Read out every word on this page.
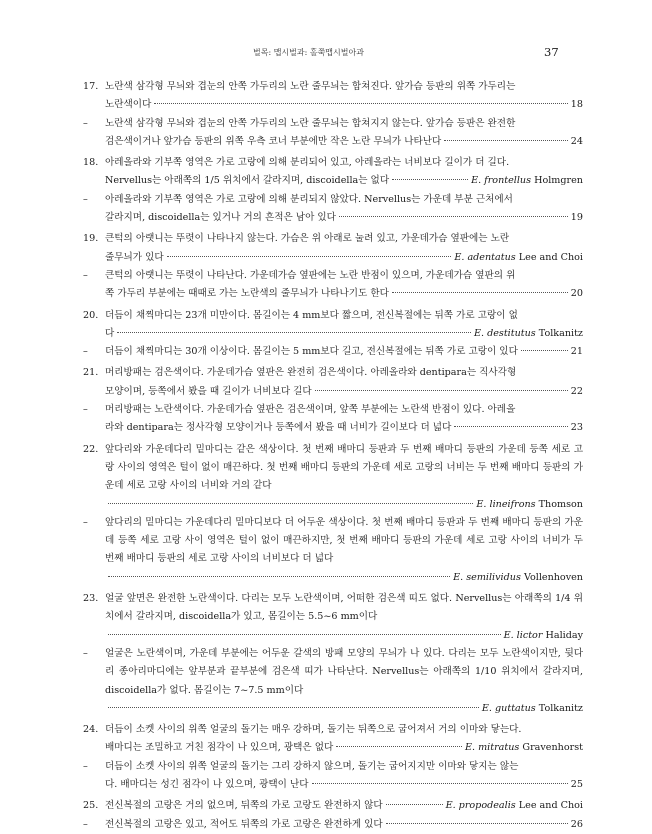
벌목: 맵시벌과: 홀쭉맵시벌아과	37
17. 노란색 삼각형 무늬와 겹눈의 안쪽 가두리의 노란 줄무늬는 합쳐진다. 앞가슴 등판의 위쪽 가두리는
노란색이다	18
– 노란색 삼각형 무늬와 겹눈의 안쪽 가두리의 노란 줄무늬는 합쳐지지 않는다. 앞가슴 등판은 완전한
검은색이거나 앞가슴 등판의 위쪽 우측 코너 부분에만 작은 노란 무늬가 나타난다	24
18. 아레올라와 기부쪽 영역은 가로 고랑에 의해 분리되어 있고, 아레올라는 너비보다 길이가 더 길다.
Nervellus는 아래쪽의 1/5 위치에서 갈라지며, discoidella는 없다	E. frontellus Holmgren
– 아레올라와 기부쪽 영역은 가로 고랑에 의해 분리되지 않았다. Nervellus는 가운데 부분 근처에서
갈라지며, discoidella는 있거나 거의 흔적은 남아 있다	19
19. 큰턱의 아랫니는 뚜렷이 나타나지 않는다. 가슴은 위 아래로 눌려 있고, 가운데가슴 옆판에는 노란
줄무늬가 있다	E. adentatus Lee and Choi
– 큰턱의 아랫니는 뚜렷이 나타난다. 가운데가슴 옆판에는 노란 반점이 있으며, 가운데가슴 옆판의 위
쪽 가두리 부분에는 때때로 가는 노란색의 줄무늬가 나타나기도 한다	20
20. 더듬이 채찍마디는 23개 미만이다. 몸길이는 4 mm보다 짧으며, 전신복절에는 뒤쪽 가로 고랑이 없
다	E. destitutus Tolkanitz
– 더듬이 채찍마디는 30개 이상이다. 몸길이는 5 mm보다 길고, 전신복절에는 뒤쪽 가로 고랑이 있다	21
21. 머리방패는 검은색이다. 가운데가슴 옆판은 완전히 검은색이다. 아레올라와 dentipara는 직사각형
모양이며, 등쪽에서 봤을 때 길이가 너비보다 길다	22
– 머리방패는 노란색이다. 가운데가슴 옆판은 검은색이며, 앞쪽 부분에는 노란색 반점이 있다. 아레올
라와 dentipara는 정사각형 모양이거나 등쪽에서 봤을 때 너비가 길이보다 더 넓다	23
22. 앞다리와 가운데다리 밑마디는 같은 색상이다. 첫 번째 배마디 등판과 두 번째 배마디 등판의 가운데 등쪽 세로 고랑 사이의 영역은 털이 없이 매끈하다. 첫 번째 배마디 등판의 가운데 세로 고랑의 너비는 두 번째 배마디 등판의 가운데 세로 고랑 사이의 너비와 거의 같다
E. lineifrons Thomson
– 앞다리의 밑마디는 가운데다리 밑마디보다 더 어두운 색상이다. 첫 번째 배마디 등판과 두 번째 배마디 등판의 가운데 등쪽 세로 고랑 사이 영역은 털이 없이 매끈하지만, 첫 번째 배마디 등판의 가운데 세로 고랑 사이의 너비가 두 번째 배마디 등판의 세로 고랑 사이의 너비보다 더 넓다
E. semilividus Vollenhoven
23. 얼굴 앞면은 완전한 노란색이다. 다리는 모두 노란색이며, 어떠한 검은색 띠도 없다. Nervellus는 아래쪽의 1/4 위치에서 갈라지며, discoidella가 있고, 몸길이는 5.5~6 mm이다
E. lictor Haliday
– 얼굴은 노란색이며, 가운데 부분에는 어두운 갈색의 방패 모양의 무늬가 나 있다. 다리는 모두 노란색이지만, 뒷다리 종아리마디에는 앞부분과 끝부분에 검은색 띠가 나타난다. Nervellus는 아래쪽의 1/10 위치에서 갈라지며, discoidella가 없다. 몸길이는 7~7.5 mm이다
E. guttatus Tolkanitz
24. 더듬이 소켓 사이의 위쪽 얼굴의 돌기는 매우 강하며, 돌기는 뒤쪽으로 굽어져서 거의 이마와 닿는다.
배마디는 조밀하고 거친 점각이 나 있으며, 광택은 없다	E. mitratus Gravenhorst
– 더듬이 소켓 사이의 위쪽 얼굴의 돌기는 그리 강하지 않으며, 돌기는 굽어지지만 이마와 닿지는 않는
다. 배마디는 성긴 점각이 나 있으며, 광택이 난다	25
25. 전신복절의 고랑은 거의 없으며, 뒤쪽의 가로 고랑도 완전하지 않다	E. propodealis Lee and Choi
– 전신복절의 고랑은 있고, 적어도 뒤쪽의 가로 고랑은 완전하게 있다	26
